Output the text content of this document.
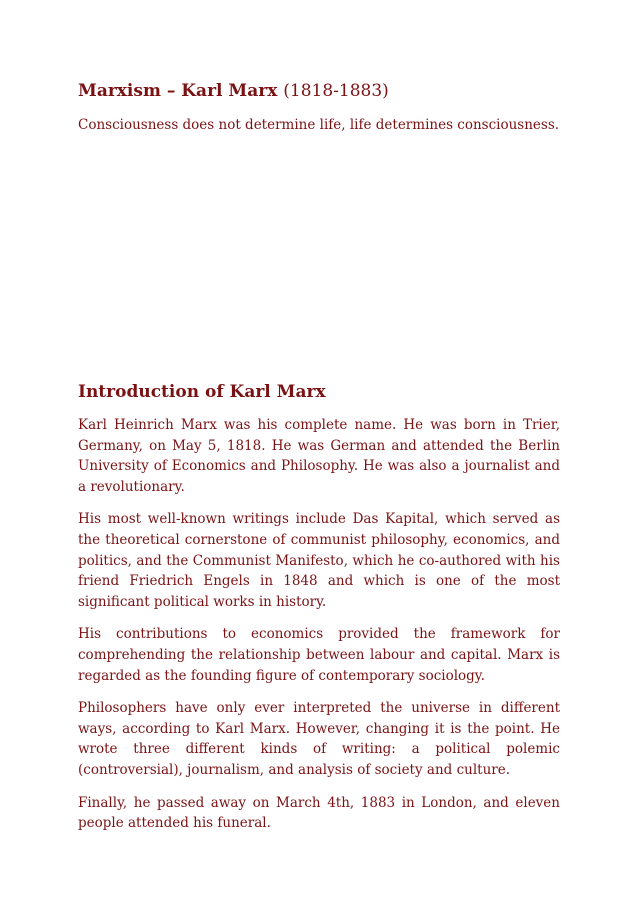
Marxism – Karl Marx (1818-1883)

Consciousness does not determine life, life determines consciousness.

Introduction of Karl Marx

Karl Heinrich Marx was his complete name. He was born in Trier, Germany, on May 5, 1818. He was German and attended the Berlin University of Economics and Philosophy. He was also a journalist and a revolutionary.

His most well-known writings include Das Kapital, which served as the theoretical cornerstone of communist philosophy, economics, and politics, and the Communist Manifesto, which he co-authored with his friend Friedrich Engels in 1848 and which is one of the most significant political works in history.

His contributions to economics provided the framework for comprehending the relationship between labour and capital. Marx is regarded as the founding figure of contemporary sociology.

Philosophers have only ever interpreted the universe in different ways, according to Karl Marx. However, changing it is the point. He wrote three different kinds of writing: a political polemic (controversial), journalism, and analysis of society and culture.

Finally, he passed away on March 4th, 1883 in London, and eleven people attended his funeral.
